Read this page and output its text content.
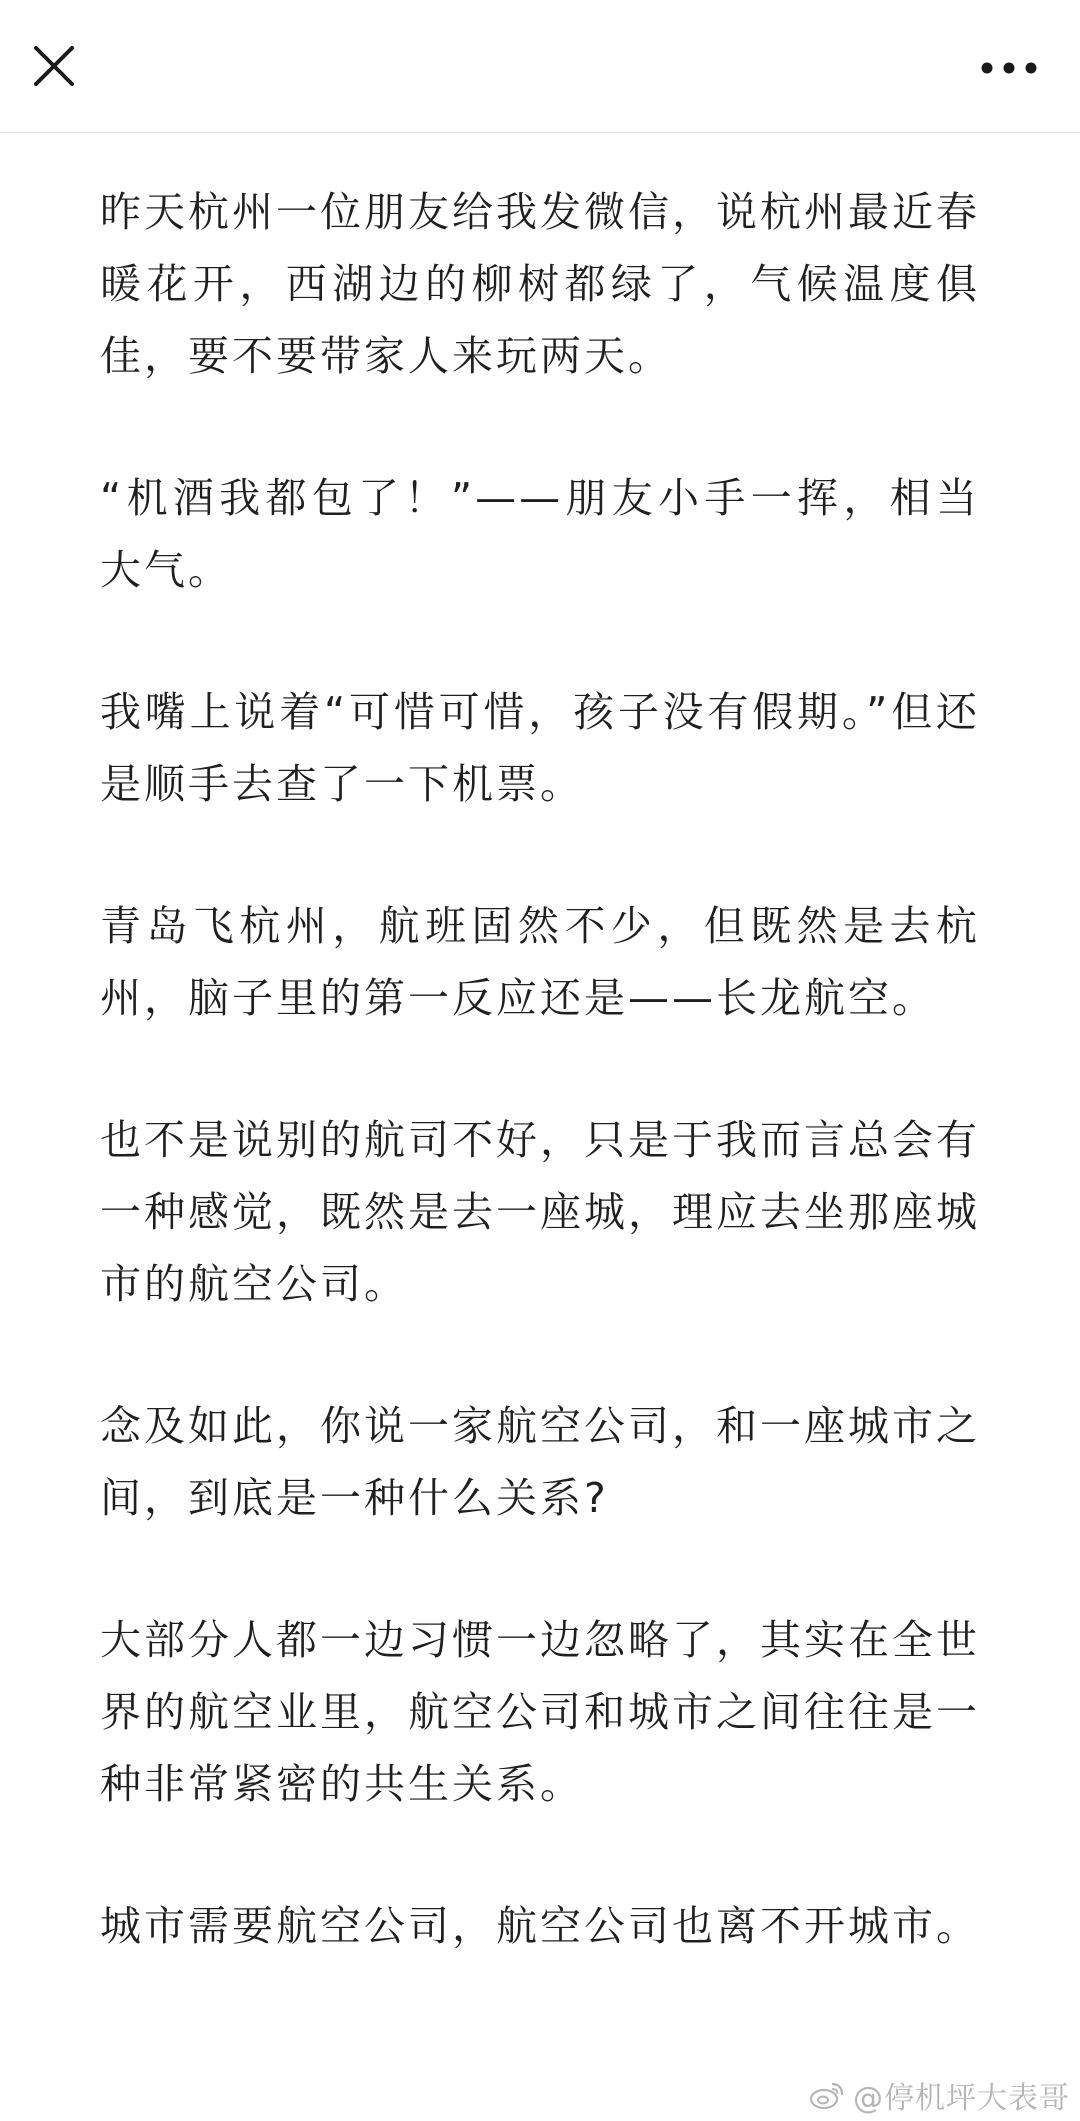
昨天杭州一位朋友给我发微信，说杭州最近春暖花开，西湖边的柳树都绿了，气候温度俱佳，要不要带家人来玩两天。

“机酒我都包了！”——朋友小手一挥，相当大气。

我嘴上说着“可惜可惜，孩子没有假期。”但还是顺手去查了一下机票。

青岛飞杭州，航班固然不少，但既然是去杭州，脑子里的第一反应还是——长龙航空。

也不是说别的航司不好，只是于我而言总会有一种感觉，既然是去一座城，理应去坐那座城市的航空公司。

念及如此，你说一家航空公司，和一座城市之间，到底是一种什么关系?

大部分人都一边习惯一边忽略了，其实在全世界的航空业里，航空公司和城市之间往往是一种非常紧密的共生关系。

城市需要航空公司，航空公司也离不开城市。

@停机坪大表哥
